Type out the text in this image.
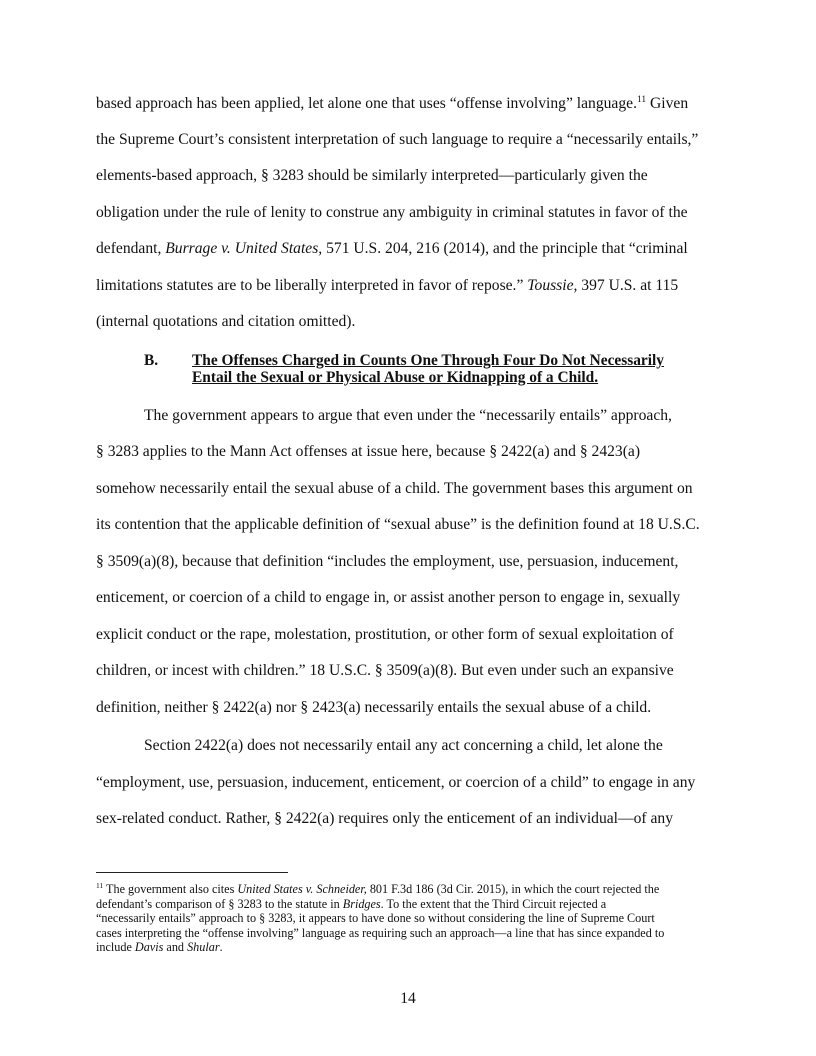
based approach has been applied, let alone one that uses “offense involving” language.$^{11}$ Given
the Supreme Court’s consistent interpretation of such language to require a “necessarily entails,”
elements-based approach, § 3283 should be similarly interpreted—particularly given the
obligation under the rule of lenity to construe any ambiguity in criminal statutes in favor of the
defendant, Burrage v. United States, 571 U.S. 204, 216 (2014), and the principle that “criminal
limitations statutes are to be liberally interpreted in favor of repose.” Toussie, 397 U.S. at 115
(internal quotations and citation omitted).
B. The Offenses Charged in Counts One Through Four Do Not Necessarily
Entail the Sexual or Physical Abuse or Kidnapping of a Child.
The government appears to argue that even under the “necessarily entails” approach,
§ 3283 applies to the Mann Act offenses at issue here, because § 2422(a) and § 2423(a)
somehow necessarily entail the sexual abuse of a child. The government bases this argument on
its contention that the applicable definition of “sexual abuse” is the definition found at 18 U.S.C.
§ 3509(a)(8), because that definition “includes the employment, use, persuasion, inducement,
enticement, or coercion of a child to engage in, or assist another person to engage in, sexually
explicit conduct or the rape, molestation, prostitution, or other form of sexual exploitation of
children, or incest with children.” 18 U.S.C. § 3509(a)(8). But even under such an expansive
definition, neither § 2422(a) nor § 2423(a) necessarily entails the sexual abuse of a child.
Section 2422(a) does not necessarily entail any act concerning a child, let alone the
“employment, use, persuasion, inducement, enticement, or coercion of a child” to engage in any
sex-related conduct. Rather, § 2422(a) requires only the enticement of an individual—of any
$^{11}$ The government also cites United States v. Schneider, 801 F.3d 186 (3d Cir. 2015), in which the court rejected the
defendant’s comparison of § 3283 to the statute in Bridges. To the extent that the Third Circuit rejected a
“necessarily entails” approach to § 3283, it appears to have done so without considering the line of Supreme Court
cases interpreting the “offense involving” language as requiring such an approach—a line that has since expanded to
include Davis and Shular.
14
